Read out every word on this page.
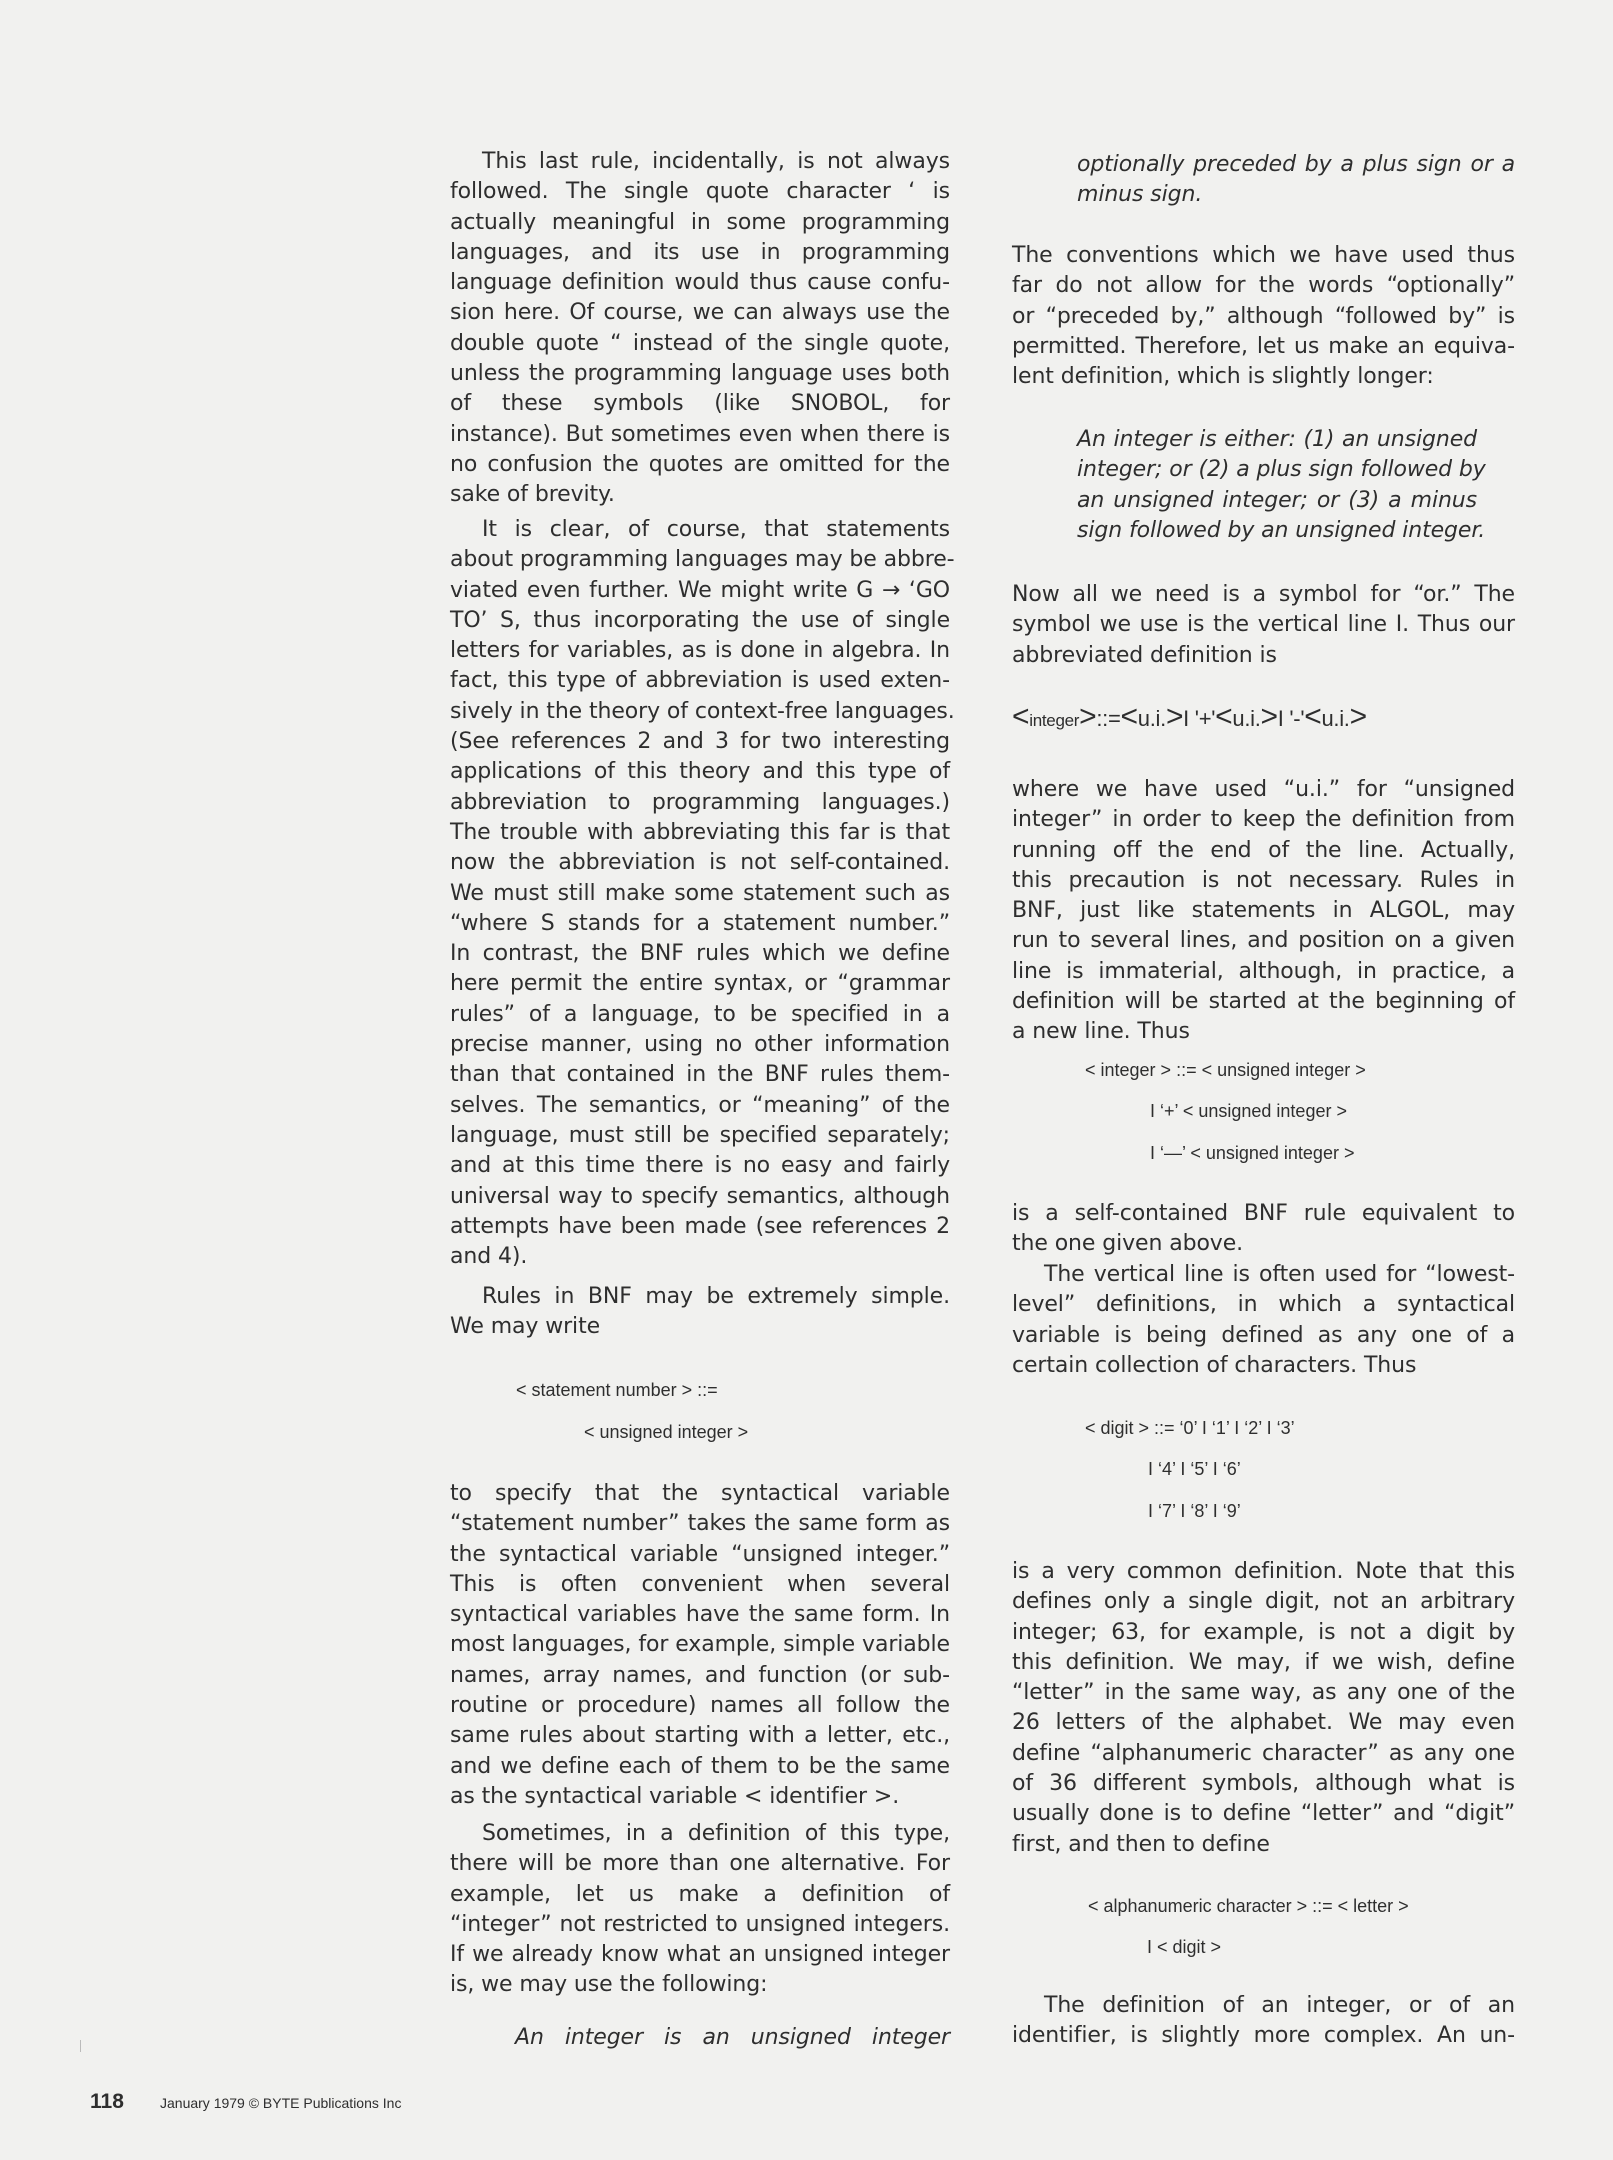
This last rule, incidentally, is not always
followed. The single quote character ‘ is
actually meaningful in some programming
languages, and its use in programming
language definition would thus cause confu-
sion here. Of course, we can always use the
double quote “ instead of the single quote,
unless the programming language uses both
of these symbols (like SNOBOL, for
instance). But sometimes even when there is
no confusion the quotes are omitted for the
sake of brevity.
It is clear, of course, that statements
about programming languages may be abbre-
viated even further. We might write G → ‘GO
TO’ S, thus incorporating the use of single
letters for variables, as is done in algebra. In
fact, this type of abbreviation is used exten-
sively in the theory of context-free languages.
(See references 2 and 3 for two interesting
applications of this theory and this type of
abbreviation to programming languages.)
The trouble with abbreviating this far is that
now the abbreviation is not self-contained.
We must still make some statement such as
“where S stands for a statement number.”
In contrast, the BNF rules which we define
here permit the entire syntax, or “grammar
rules” of a language, to be specified in a
precise manner, using no other information
than that contained in the BNF rules them-
selves. The semantics, or “meaning” of the
language, must still be specified separately;
and at this time there is no easy and fairly
universal way to specify semantics, although
attempts have been made (see references 2
and 4).
Rules in BNF may be extremely simple.
We may write
< statement number > ::=
< unsigned integer >
to specify that the syntactical variable
“statement number” takes the same form as
the syntactical variable “unsigned integer.”
This is often convenient when several
syntactical variables have the same form. In
most languages, for example, simple variable
names, array names, and function (or sub-
routine or procedure) names all follow the
same rules about starting with a letter, etc.,
and we define each of them to be the same
as the syntactical variable < identifier >.
Sometimes, in a definition of this type,
there will be more than one alternative. For
example, let us make a definition of
“integer” not restricted to unsigned integers.
If we already know what an unsigned integer
is, we may use the following:
An integer is an unsigned integer
optionally preceded by a plus sign or a
minus sign.
The conventions which we have used thus
far do not allow for the words “optionally”
or “preceded by,” although “followed by” is
permitted. Therefore, let us make an equiva-
lent definition, which is slightly longer:
An integer is either: (1) an unsigned
integer; or (2) a plus sign followed by
an unsigned integer; or (3) a minus
sign followed by an unsigned integer.
Now all we need is a symbol for “or.” The
symbol we use is the vertical line I. Thus our
abbreviated definition is
<integer>::=<u.i.>I '+'<u.i.>I '-'<u.i.>
where we have used “u.i.” for “unsigned
integer” in order to keep the definition from
running off the end of the line. Actually,
this precaution is not necessary. Rules in
BNF, just like statements in ALGOL, may
run to several lines, and position on a given
line is immaterial, although, in practice, a
definition will be started at the beginning of
a new line. Thus
< integer > ::= < unsigned integer >
I ‘+’ < unsigned integer >
I ‘—’ < unsigned integer >
is a self-contained BNF rule equivalent to
the one given above.
The vertical line is often used for “lowest-
level” definitions, in which a syntactical
variable is being defined as any one of a
certain collection of characters. Thus
< digit > ::= ‘0’ I ‘1’ I ‘2’ I ‘3’
I ‘4’ I ‘5’ I ‘6’
I ‘7’ I ‘8’ I ‘9’
is a very common definition. Note that this
defines only a single digit, not an arbitrary
integer; 63, for example, is not a digit by
this definition. We may, if we wish, define
“letter” in the same way, as any one of the
26 letters of the alphabet. We may even
define “alphanumeric character” as any one
of 36 different symbols, although what is
usually done is to define “letter” and “digit”
first, and then to define
< alphanumeric character > ::= < letter >
I < digit >
The definition of an integer, or of an
identifier, is slightly more complex. An un-
118	January 1979 © BYTE Publications Inc
